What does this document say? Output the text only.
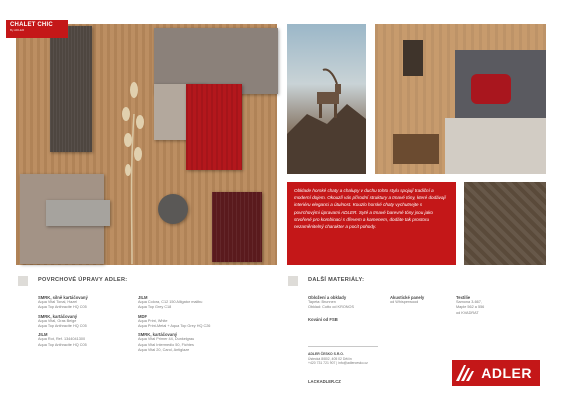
CHALET CHIC
By ADLER

Obklade horské chaty a chalupy v duchu tohto stylu spojují tradiční a moderní dojem. Okouzlí vás přírodní struktury a tmavé tóny, které dodávají interiéru eleganci a útulnost. Kouzlo horské chaty vychutnejte s povrchovými úpravami ADLER. Syté a tmavé barevné tóny jsou jako stvořené pro kombinaci s dřevem a kamenem, dodáte tak prostoru nezaměnitelný charakter a pocit pohody.

POVRCHOVÉ ÚPRAVY ADLER:
SMRK, silně kartáčovaný
Aqua Vital Tonal, Hazel
Aqua Top Anthracite HQ C05
SMRK, kartáčovaný
Aqua Vital, Gras Beige
Aqua Top Anthracite HQ C05
JILM
Aqua Rot, Ref. 1344041300
Aqua Top Anthracite HQ C05
JILM
Aqua Colora, C12 150 Alligator malibu
Aqua Top Grey C18
MDF
Aqua Print, White
Aqua Print-Metal + Aqua Top Grey HQ C26
SMRK, kartáčovaný
Aqua Vital Primer 44, Dunkelgrau
Aqua Vital Intermedio 50, Fichtes
Aqua Vital 20, Carol, Antiglaze
DALŠÍ MATERIÁLY:
Obložení a obklady
Tapeta: Brunnen
Obklad: Cotto od KRONOS
Kování od FSB
Akustické panely
od Whisperwood
Textilie
Samona 3-667,
Maple 562 a 556
od KVADRAT
ADLER ČESKO S.R.O.
Ústecká 8/802, 405 02 Děčín
+420 731 721 907 | info@adlercesko.cz
LACKADLER.CZ
ADLER
